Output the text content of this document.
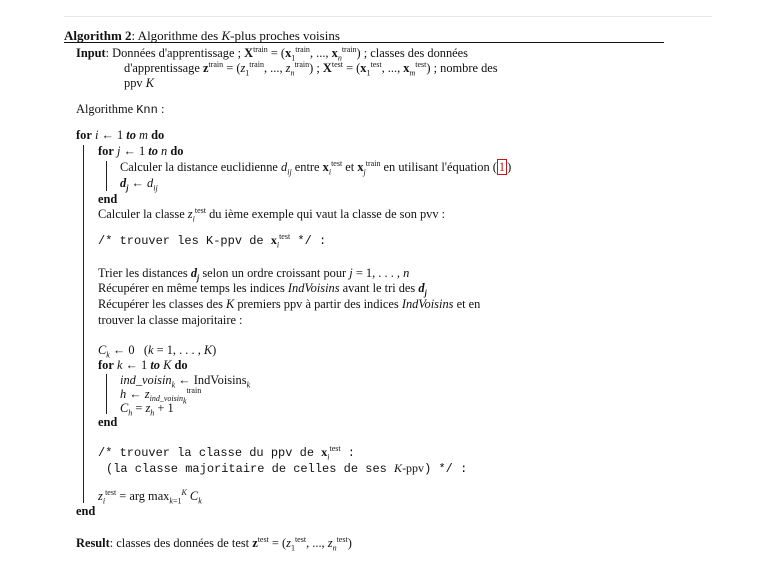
Algorithm 2: Algorithme des K-plus proches voisins
Input: Données d'apprentissage ; $X^{train} = (x_1^{train}$, ..., $x_n^{train}$) ; classes des données
d'apprentissage $z^{train} = (z_1^{train}$, ..., $z_n^{train}$) ; $X^{test} = (x_1^{test}$, ..., $x_m^{test}$) ; nombre des
ppv K
Algorithme Knn :
for i ← 1 to m do
for j ← 1 to n do
Calculer la distance euclidienne $d_{ij}$ entre $x_i^{test}$ et $x_j^{train}$ en utilisant l'équation ( 1 )
$d_j$ ← $d_{ij}$
end
Calculer la classe $z_i^{test}$ du ième exemple qui vaut la classe de son pvv :
/* trouver les K-ppv de $x_i^{test}$ */ :
Trier les distances $d_j$ selon un ordre croissant pour j = 1, . . . , n
Récupérer en même temps les indices IndVoisins avant le tri des $d_j$
Récupérer les classes des K premiers ppv à partir des indices IndVoisins et en
trouver la classe majoritaire :
$C_k$ ← 0   (k = 1, . . . , K)
for k ← 1 to K do
ind_voisin$_k$ ← IndVoisins$_k$
h ← $z_{ind\_voisin_k}^{train}$
$C_h = z_h + 1$
end
/* trouver la classe du ppv de $x_i^{test}$ :
(la classe majoritaire de celles de ses K-ppv) */ :
$z_i^{test}$ = arg $\max_{k=1}^K C_k$
end
Result: classes des données de test $z^{test} = (z_1^{test}$, ..., $z_n^{test}$)
